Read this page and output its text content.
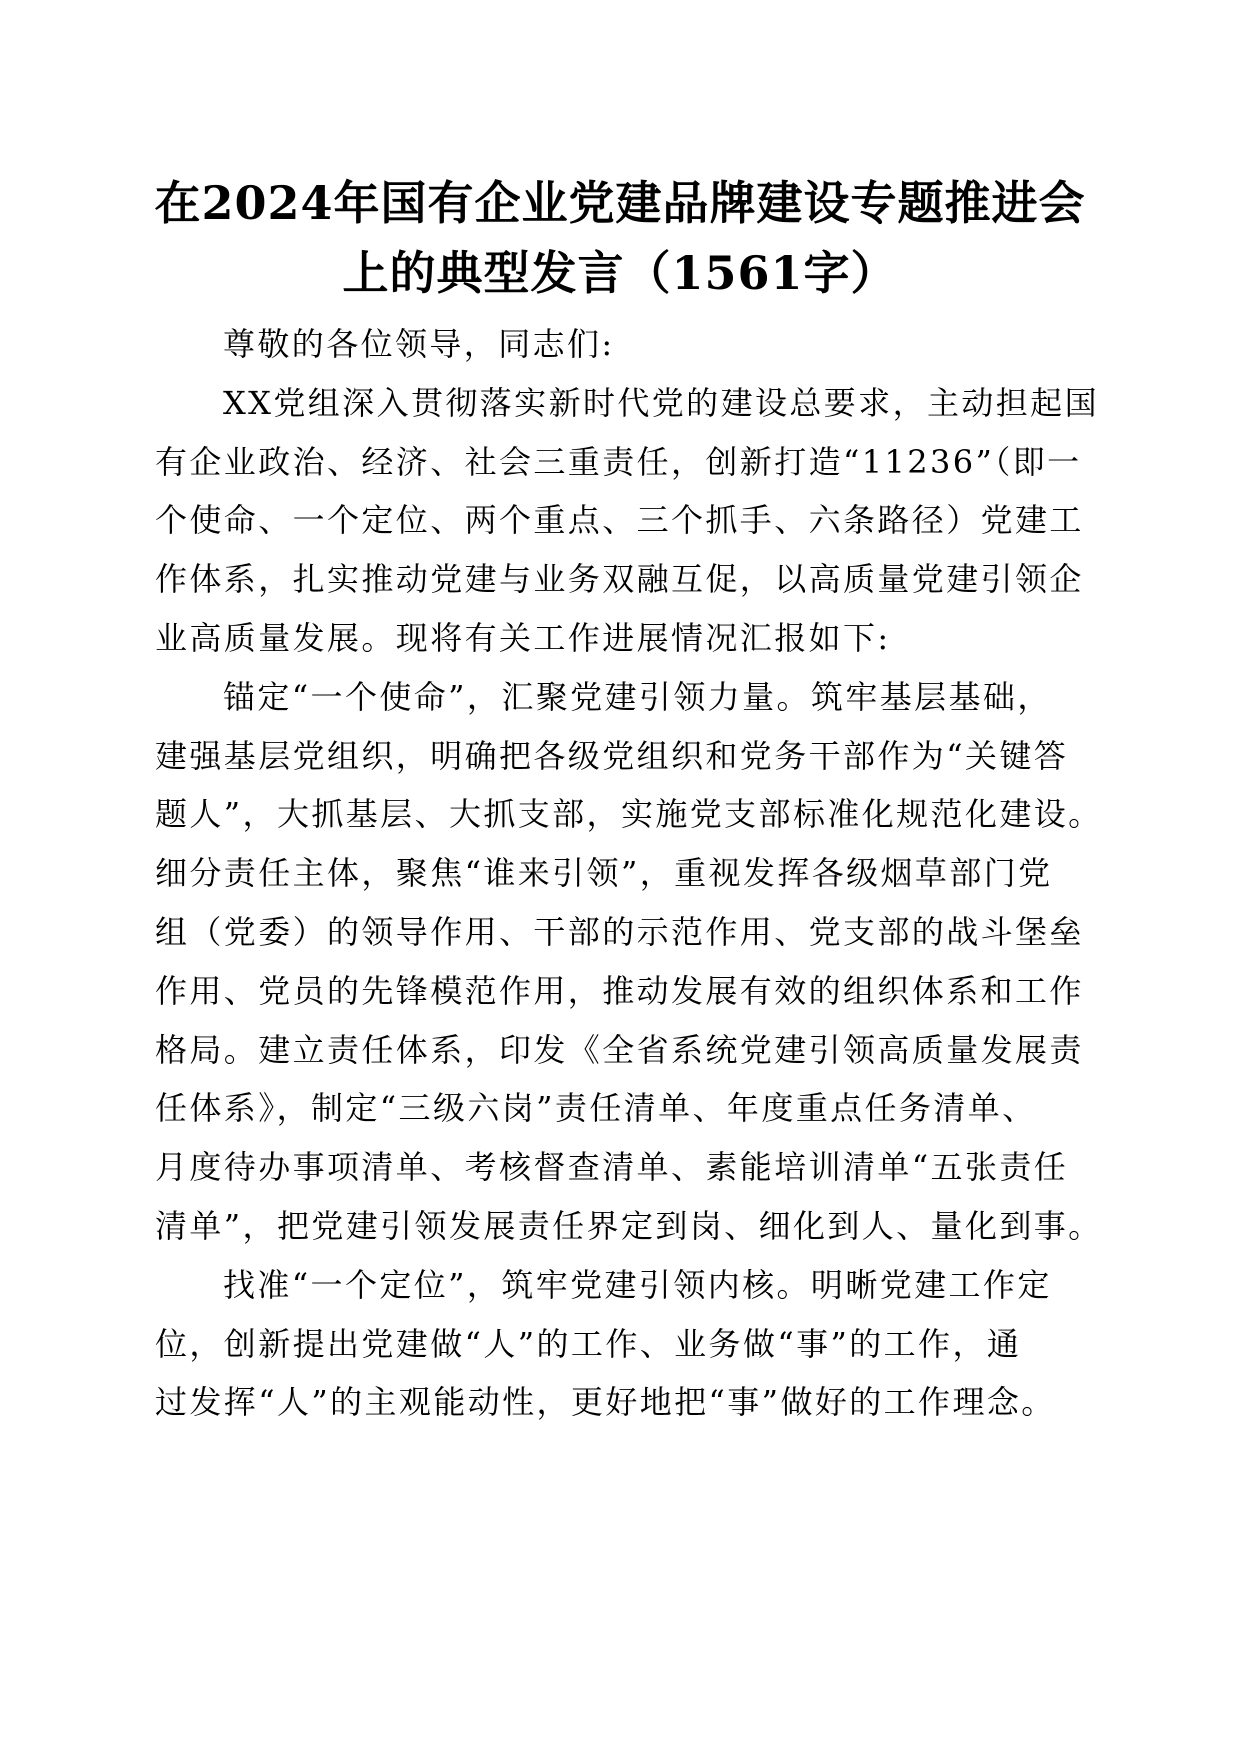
在2024年国有企业党建品牌建设专题推进会
上的典型发言（1561字）
尊敬的各位领导，同志们:
XX党组深入贯彻落实新时代党的建设总要求，主动担起国
有企业政治、经济、社会三重责任，创新打造“11236”（即一
个使命、一个定位、两个重点、三个抓手、六条路径）党建工
作体系，扎实推动党建与业务双融互促，以高质量党建引领企
业高质量发展。现将有关工作进展情况汇报如下:
锚定“一个使命”，汇聚党建引领力量。筑牢基层基础，
建强基层党组织，明确把各级党组织和党务干部作为“关键答
题人”，大抓基层、大抓支部，实施党支部标准化规范化建设。
细分责任主体，聚焦“谁来引领”，重视发挥各级烟草部门党
组（党委）的领导作用、干部的示范作用、党支部的战斗堡垒
作用、党员的先锋模范作用，推动发展有效的组织体系和工作
格局。建立责任体系，印发《全省系统党建引领高质量发展责
任体系》，制定“三级六岗”责任清单、年度重点任务清单、
月度待办事项清单、考核督查清单、素能培训清单“五张责任
清单”，把党建引领发展责任界定到岗、细化到人、量化到事。
找准“一个定位”，筑牢党建引领内核。明晰党建工作定
位，创新提出党建做“人”的工作、业务做“事”的工作，通
过发挥“人”的主观能动性，更好地把“事”做好的工作理念。
